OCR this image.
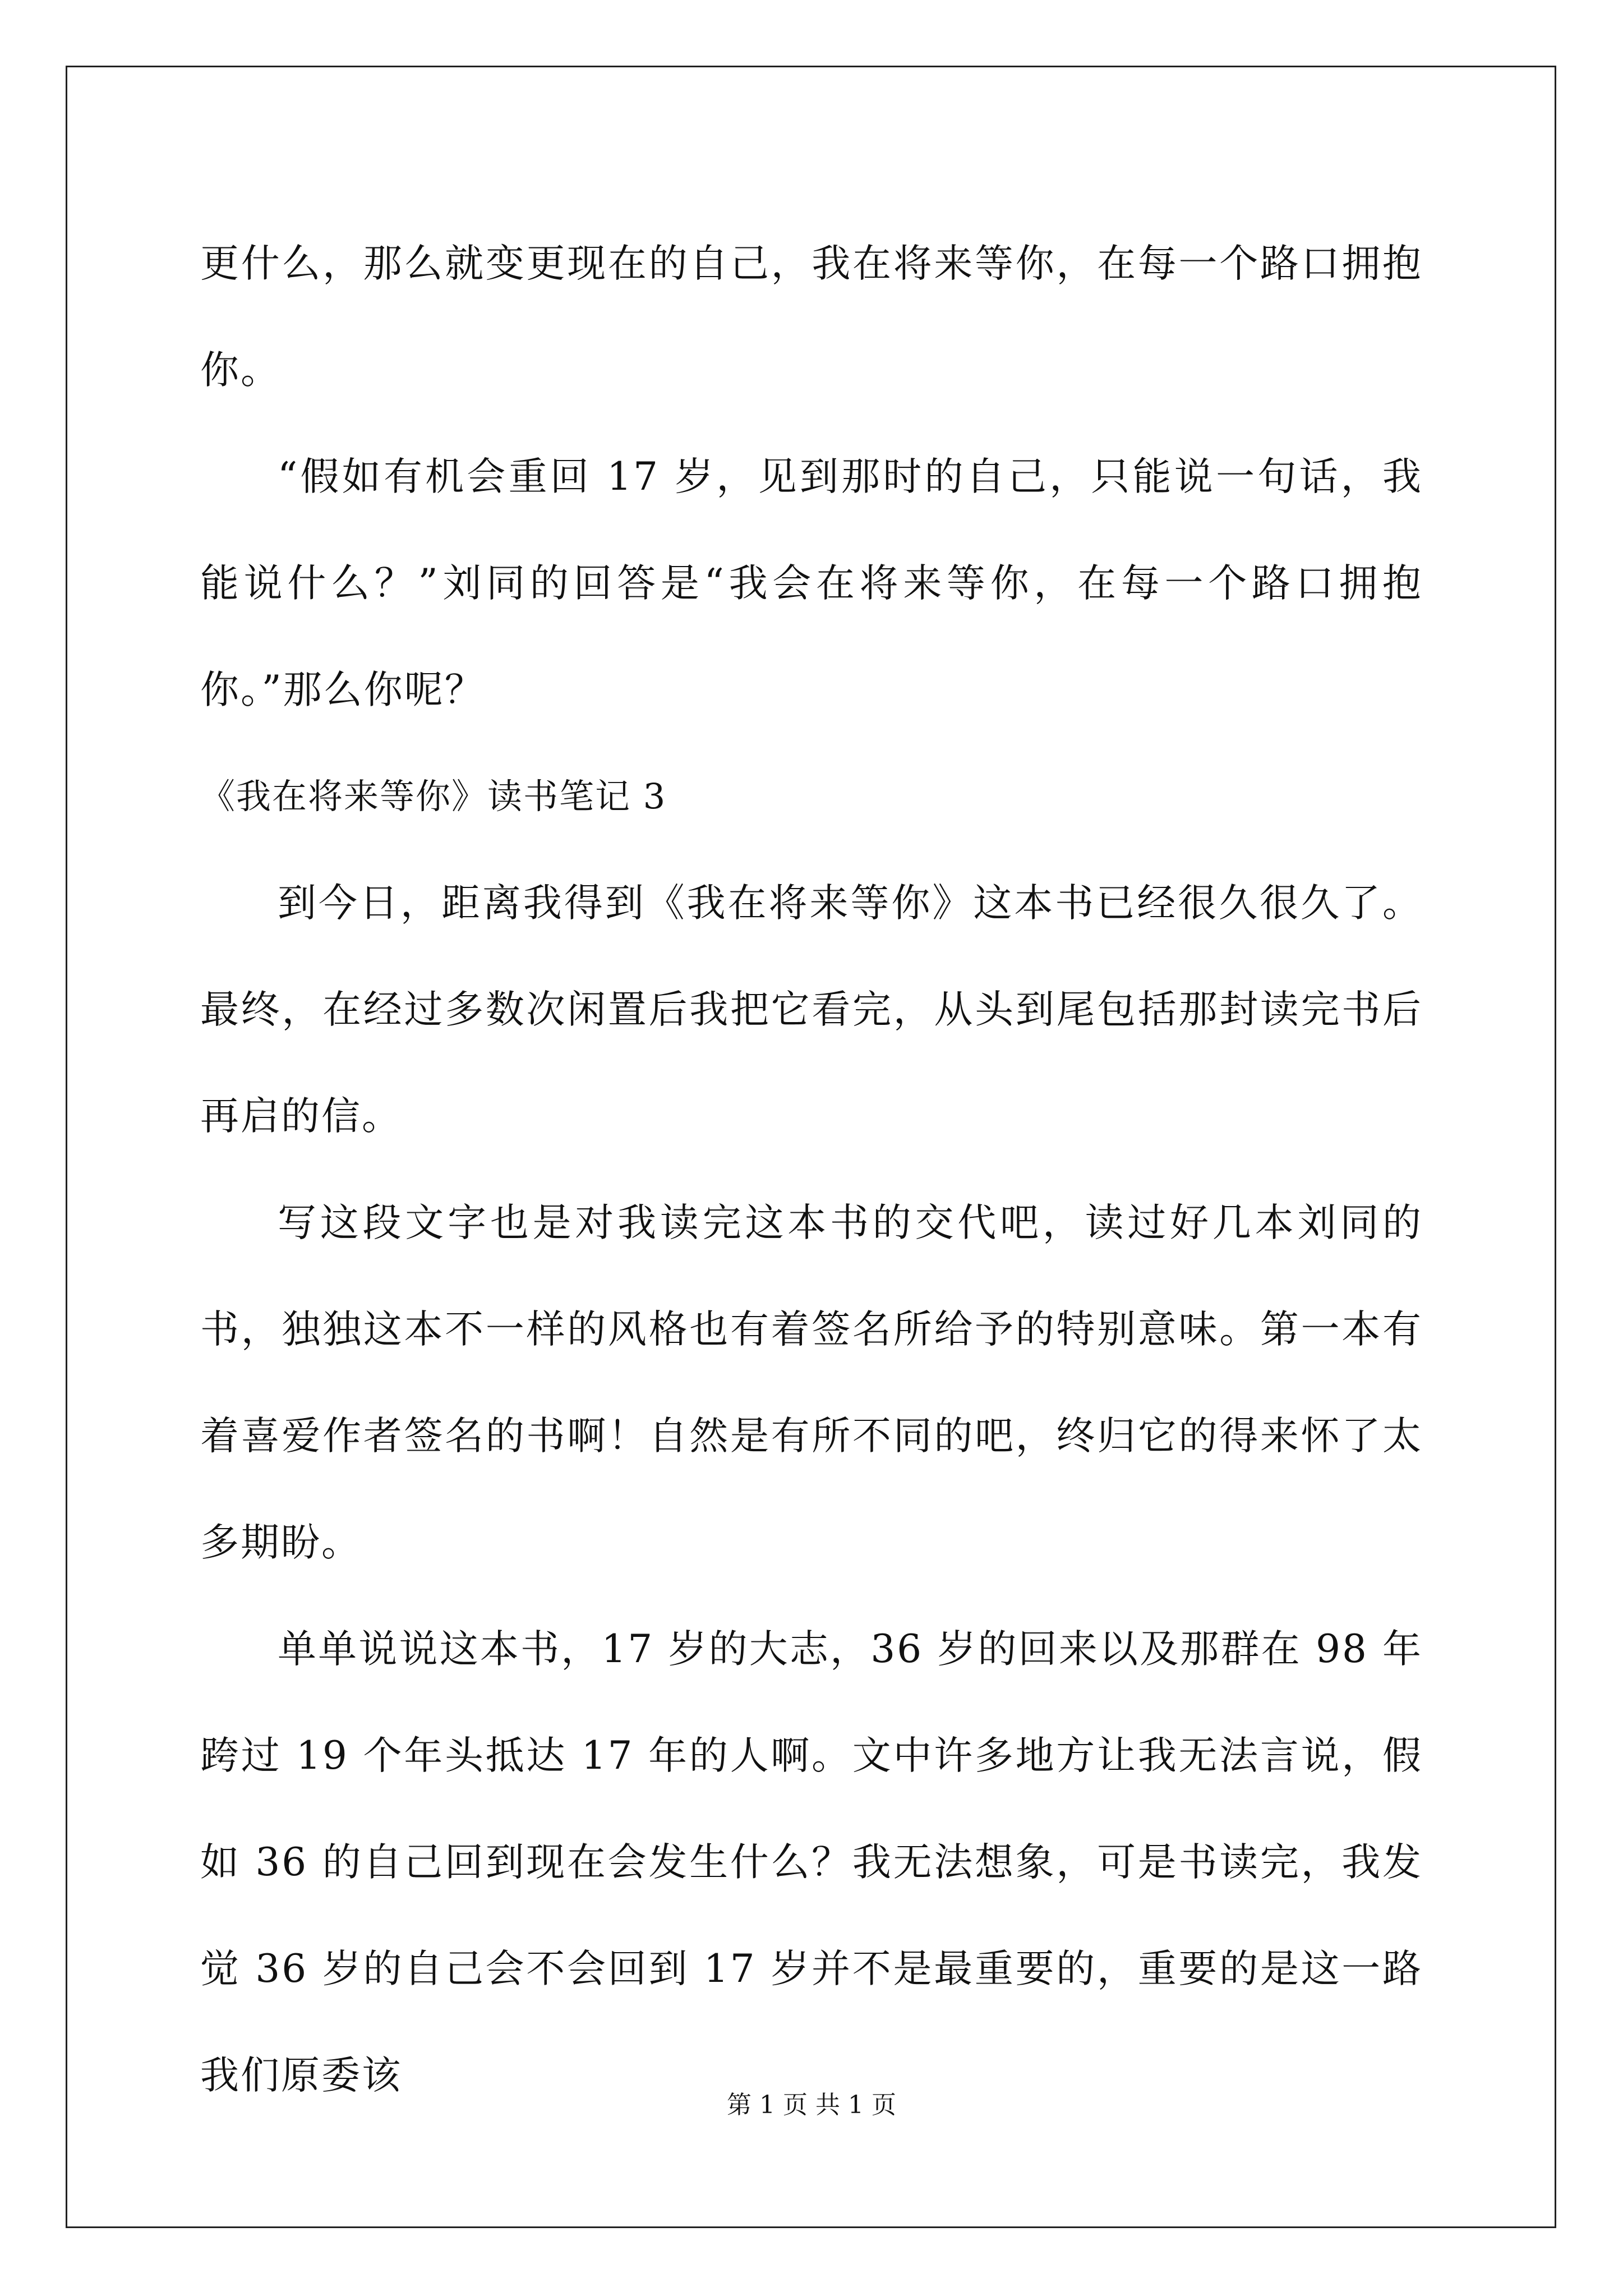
更什么，那么就变更现在的自己，我在将来等你，在每一个路口拥抱你。

“假如有机会重回 17 岁，见到那时的自己，只能说一句话，我能说什么？”刘同的回答是“我会在将来等你，在每一个路口拥抱你。”那么你呢？

《我在将来等你》读书笔记 3

到今日，距离我得到《我在将来等你》这本书已经很久很久了。最终，在经过多数次闲置后我把它看完，从头到尾包括那封读完书后再启的信。

写这段文字也是对我读完这本书的交代吧，读过好几本刘同的书，独独这本不一样的风格也有着签名所给予的特别意味。第一本有着喜爱作者签名的书啊！自然是有所不同的吧，终归它的得来怀了太多期盼。

单单说说这本书，17 岁的大志，36 岁的回来以及那群在 98 年跨过 19 个年头抵达 17 年的人啊。文中许多地方让我无法言说，假如 36 的自己回到现在会发生什么？我无法想象，可是书读完，我发觉 36 岁的自己会不会回到 17 岁并不是最重要的，重要的是这一路我们原委该

第 1 页 共 1 页
